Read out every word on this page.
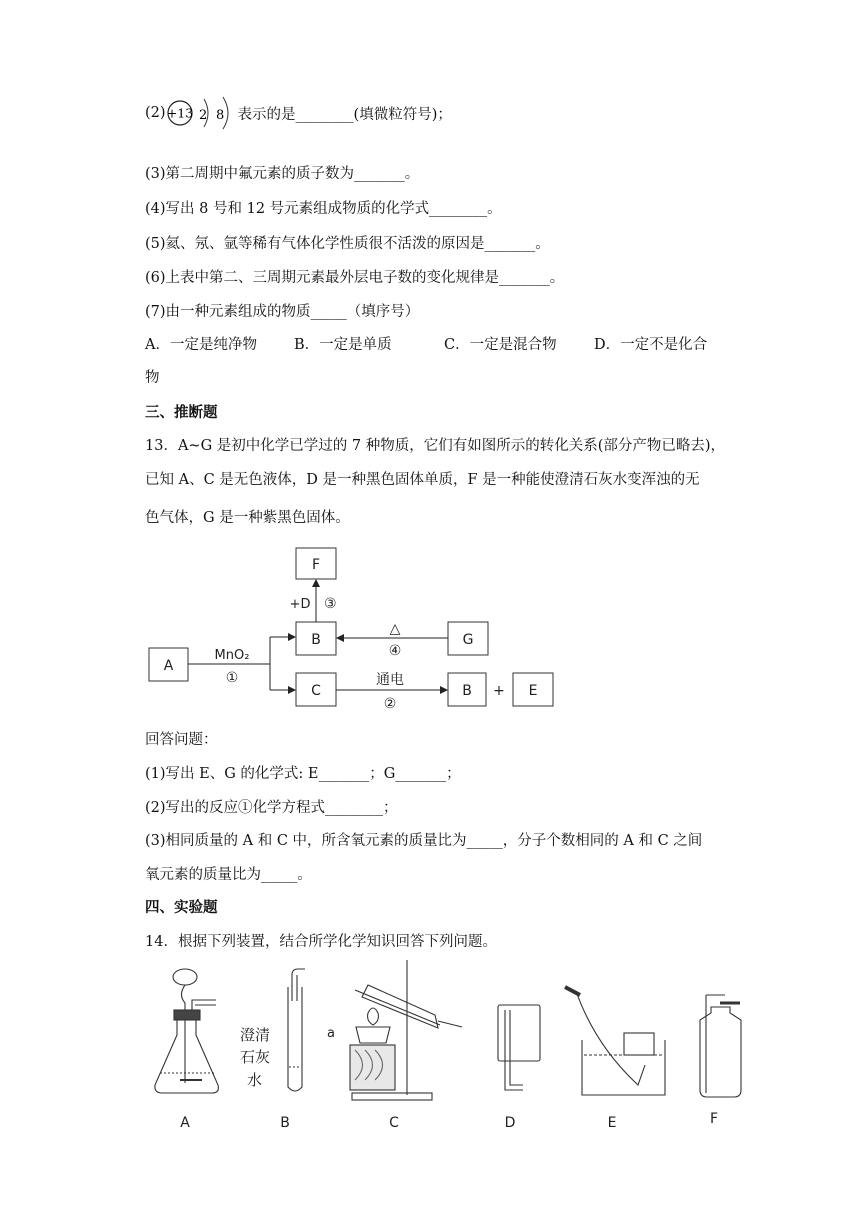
(2) +13 2 8 表示的是________(填微粒符号)；
(3)第二周期中氟元素的质子数为_______。
(4)写出 8 号和 12 号元素组成物质的化学式________。
(5)氦、氖、氩等稀有气体化学性质很不活泼的原因是_______。
(6)上表中第二、三周期元素最外层电子数的变化规律是_______。
(7)由一种元素组成的物质_____（填序号）
A．一定是纯净物	B．一定是单质	C．一定是混合物	D．一定不是化合
物
三、推断题
13．A~G 是初中化学已学过的 7 种物质，它们有如图所示的转化关系(部分产物已略去)，
已知 A、C 是无色液体，D 是一种黑色固体单质，F 是一种能使澄清石灰水变浑浊的无
色气体，G 是一种紫黑色固体。
A
F
B	G
C	B	E
MnO₂
①
+D ③
△
④
通电
②
+
回答问题：
(1)写出 E、G 的化学式: E_______；G_______；
(2)写出的反应①化学方程式________；
(3)相同质量的 A 和 C 中，所含氧元素的质量比为_____，分子个数相同的 A 和 C 之间
氧元素的质量比为_____。
四、实验题
14．根据下列装置，结合所学化学知识回答下列问题。
A	B	C	D	E	F
澄清
石灰
水
a
